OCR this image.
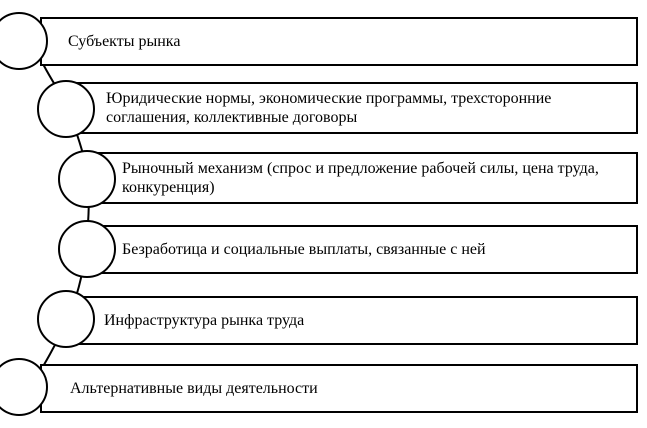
Субъекты рынка
Юридические нормы, экономические программы, трехсторонние соглашения, коллективные договоры
Рыночный механизм (спрос и предложение рабочей силы, цена труда, конкуренция)
Безработица и социальные выплаты, связанные с ней
Инфраструктура рынка труда
Альтернативные виды деятельности
